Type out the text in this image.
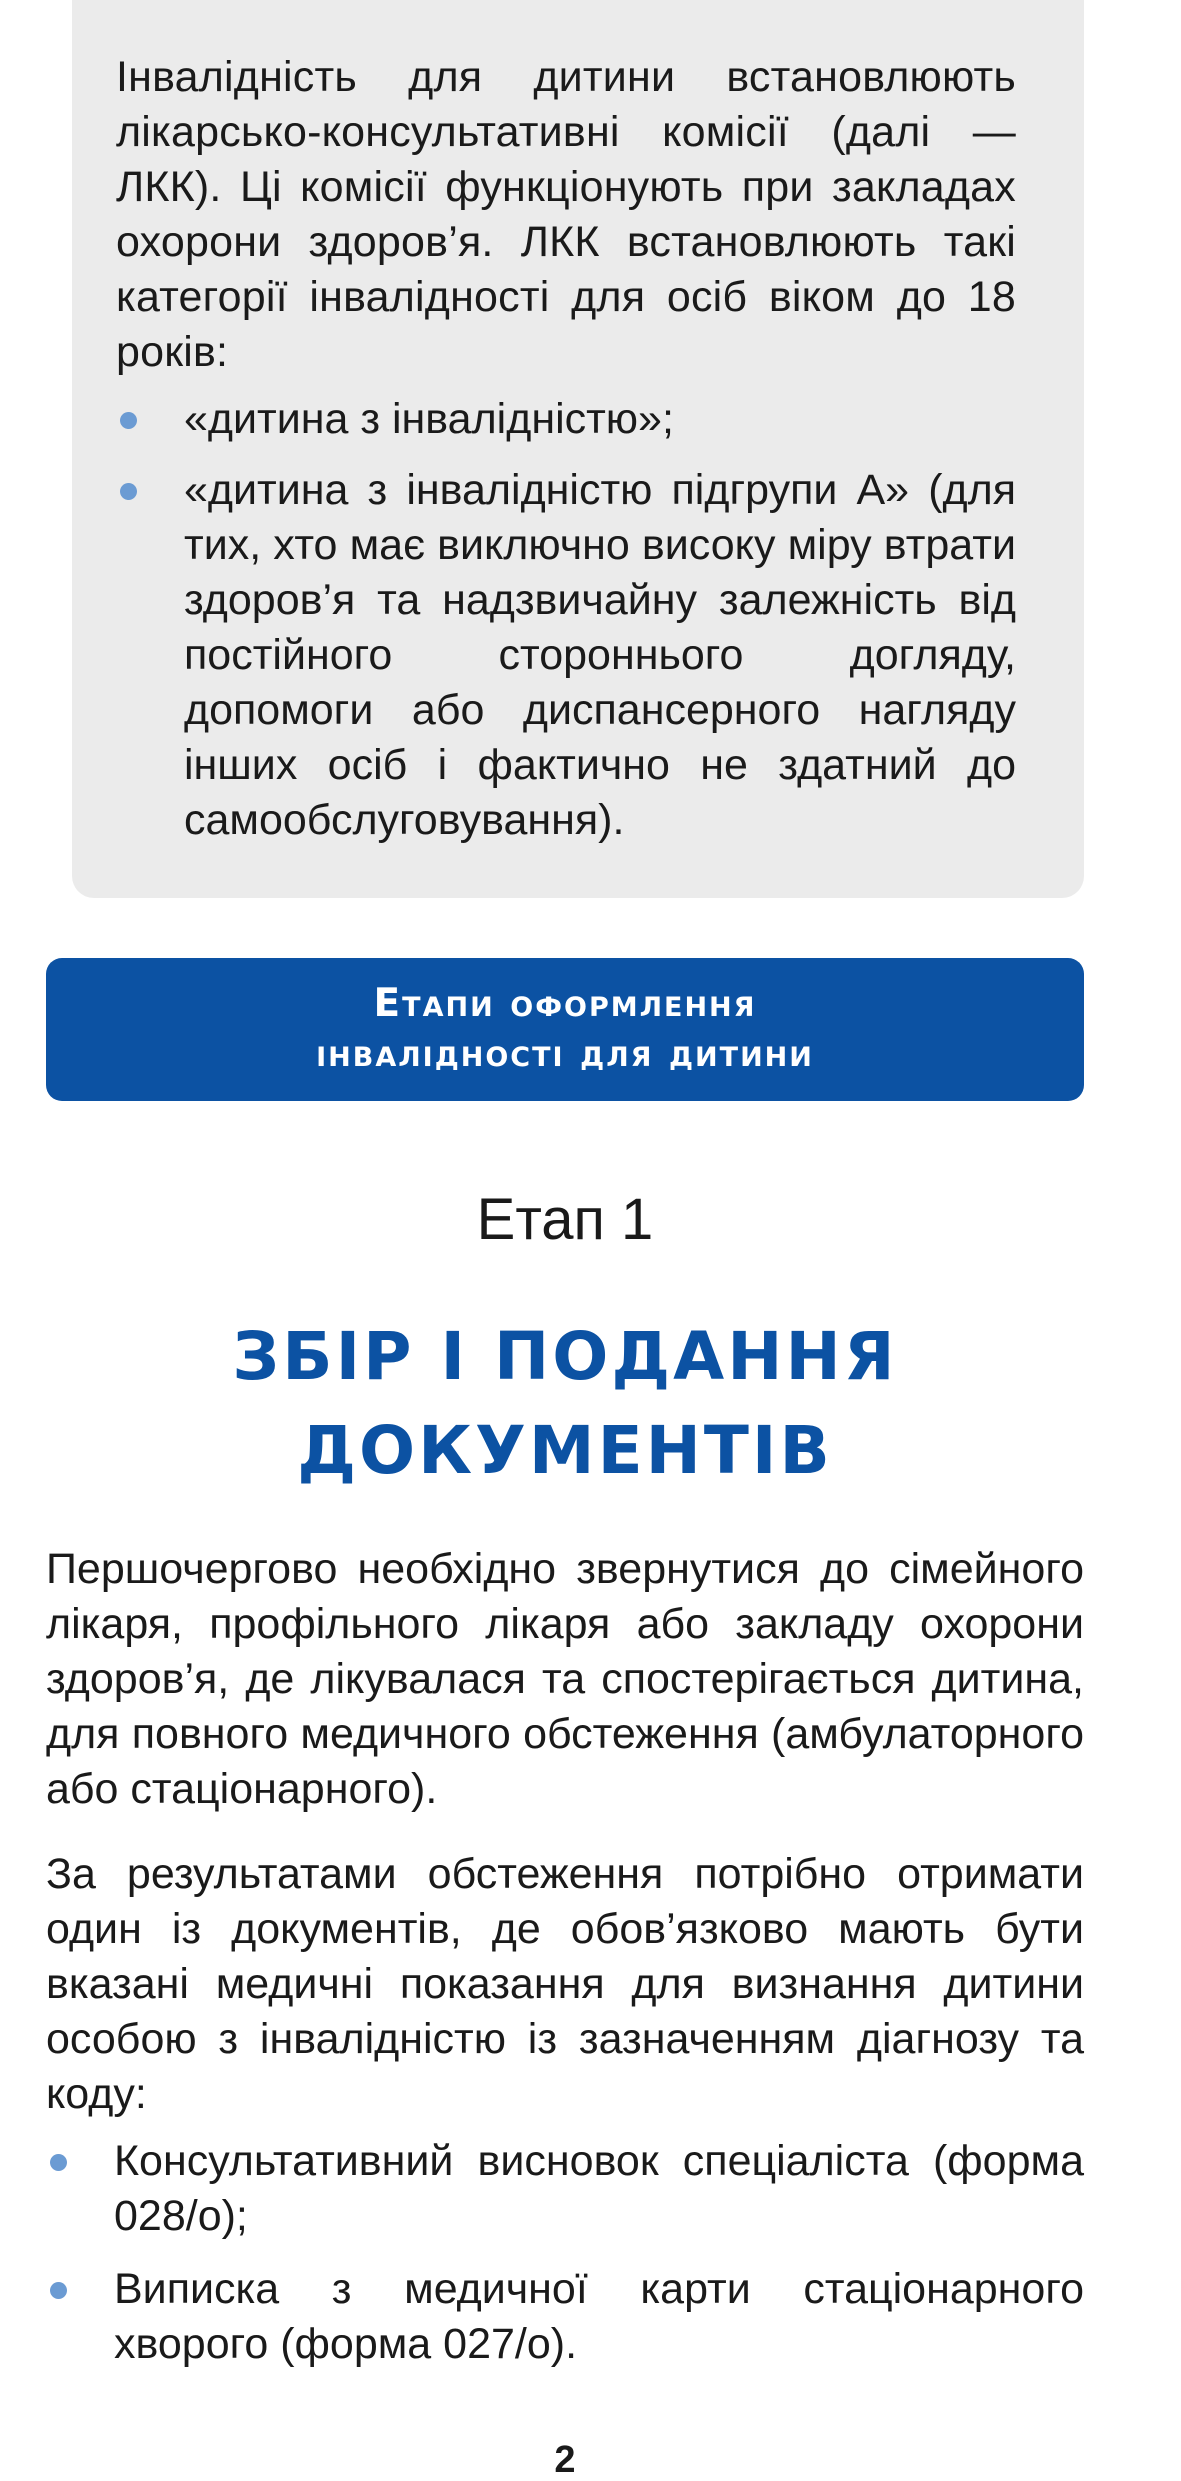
Інвалідність для дитини встановлюють лікарсько-консультативні комісії (далі — ЛКК). Ці комісії функціонують при закладах охорони здоров’я. ЛКК встановлюють такі категорії інвалідності для осіб віком до 18 років:

«дитина з інвалідністю»;
«дитина з інвалідністю підгрупи А» (для тих, хто має виключно високу міру втрати здоров’я та надзвичайну залежність від постійного стороннього догляду, допомоги або диспансерного нагляду інших осіб і фактично не здатний до самообслуговування).
Етапи оформлення
інвалідності для дитини
Етап 1
ЗБІР І ПОДАННЯ
ДОКУМЕНТІВ

Першочергово необхідно звернутися до сімейного лікаря, профільного лікаря або закладу охорони здоров’я, де лікувалася та спостерігається дитина, для повного медичного обстеження (амбулаторного або стаціонарного).

За результатами обстеження потрібно отримати один із документів, де обов’язково мають бути вказані медичні показання для визнання дитини особою з інвалідністю із зазначенням діагнозу та коду:

Консультативний висновок спеціаліста (форма 028/о);
Виписка з медичної карти стаціонарного хворого (форма 027/о).
2
